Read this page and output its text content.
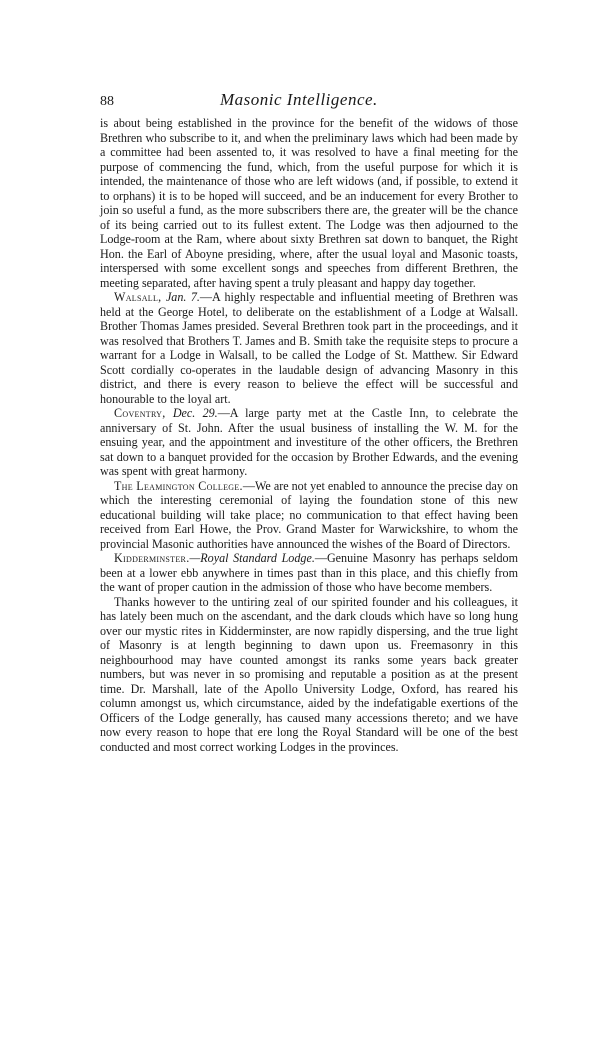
88	Masonic Intelligence.

is about being established in the province for the benefit of the widows of those Brethren who subscribe to it, and when the preliminary laws which had been made by a committee had been assented to, it was resolved to have a final meeting for the purpose of commencing the fund, which, from the useful purpose for which it is intended, the maintenance of those who are left widows (and, if possible, to extend it to orphans) it is to be hoped will succeed, and be an inducement for every Brother to join so useful a fund, as the more subscribers there are, the greater will be the chance of its being carried out to its fullest extent. The Lodge was then adjourned to the Lodge-room at the Ram, where about sixty Brethren sat down to banquet, the Right Hon. the Earl of Aboyne presiding, where, after the usual loyal and Masonic toasts, interspersed with some excellent songs and speeches from different Brethren, the meeting separated, after having spent a truly pleasant and happy day together.

Walsall, Jan. 7.—A highly respectable and influential meeting of Brethren was held at the George Hotel, to deliberate on the establishment of a Lodge at Walsall. Brother Thomas James presided. Several Brethren took part in the proceedings, and it was resolved that Brothers T. James and B. Smith take the requisite steps to procure a warrant for a Lodge in Walsall, to be called the Lodge of St. Matthew. Sir Edward Scott cordially co-operates in the laudable design of advancing Masonry in this district, and there is every reason to believe the effect will be successful and honourable to the loyal art.

Coventry, Dec. 29.—A large party met at the Castle Inn, to celebrate the anniversary of St. John. After the usual business of installing the W. M. for the ensuing year, and the appointment and investiture of the other officers, the Brethren sat down to a banquet provided for the occasion by Brother Edwards, and the evening was spent with great harmony.

The Leamington College.—We are not yet enabled to announce the precise day on which the interesting ceremonial of laying the foundation stone of this new educational building will take place; no communication to that effect having been received from Earl Howe, the Prov. Grand Master for Warwickshire, to whom the provincial Masonic authorities have announced the wishes of the Board of Directors.

Kidderminster.—Royal Standard Lodge.—Genuine Masonry has perhaps seldom been at a lower ebb anywhere in times past than in this place, and this chiefly from the want of proper caution in the admission of those who have become members.

Thanks however to the untiring zeal of our spirited founder and his colleagues, it has lately been much on the ascendant, and the dark clouds which have so long hung over our mystic rites in Kidderminster, are now rapidly dispersing, and the true light of Masonry is at length beginning to dawn upon us. Freemasonry in this neighbourhood may have counted amongst its ranks some years back greater numbers, but was never in so promising and reputable a position as at the present time. Dr. Marshall, late of the Apollo University Lodge, Oxford, has reared his column amongst us, which circumstance, aided by the indefatigable exertions of the Officers of the Lodge generally, has caused many accessions thereto; and we have now every reason to hope that ere long the Royal Standard will be one of the best conducted and most correct working Lodges in the provinces.
